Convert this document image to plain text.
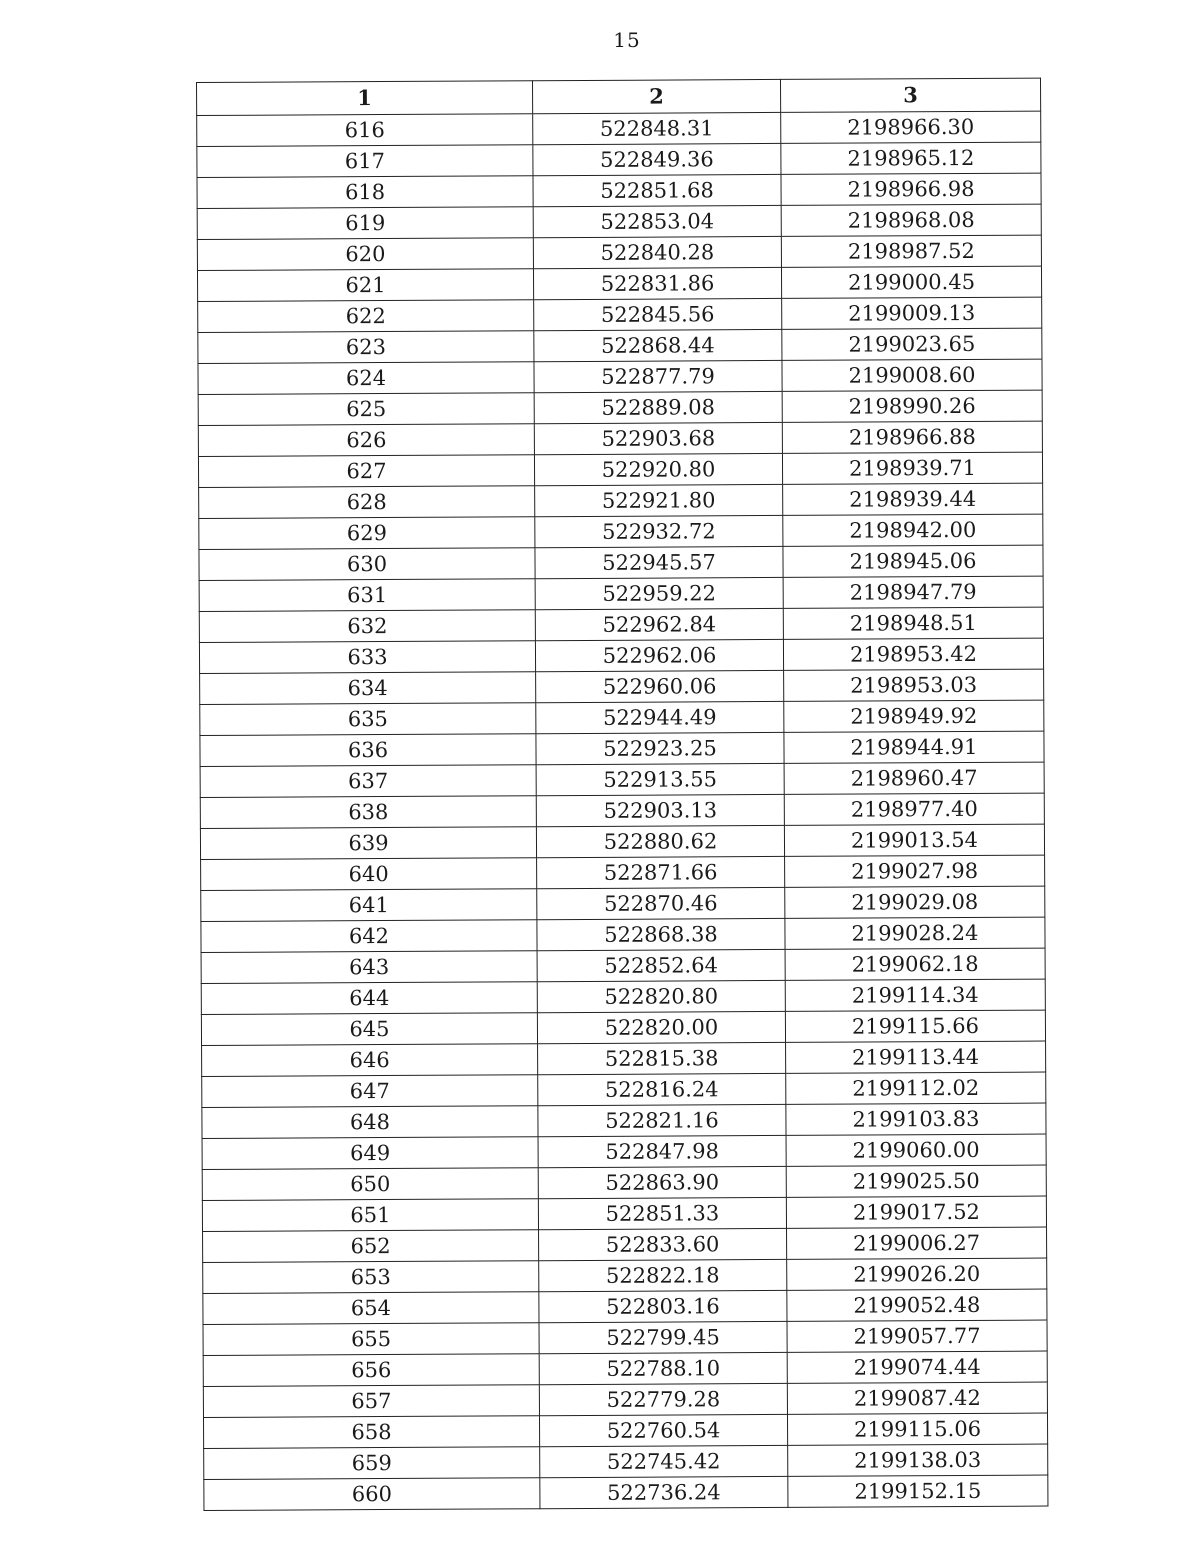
15
1	2	3
616	522848.31	2198966.30
617	522849.36	2198965.12
618	522851.68	2198966.98
619	522853.04	2198968.08
620	522840.28	2198987.52
621	522831.86	2199000.45
622	522845.56	2199009.13
623	522868.44	2199023.65
624	522877.79	2199008.60
625	522889.08	2198990.26
626	522903.68	2198966.88
627	522920.80	2198939.71
628	522921.80	2198939.44
629	522932.72	2198942.00
630	522945.57	2198945.06
631	522959.22	2198947.79
632	522962.84	2198948.51
633	522962.06	2198953.42
634	522960.06	2198953.03
635	522944.49	2198949.92
636	522923.25	2198944.91
637	522913.55	2198960.47
638	522903.13	2198977.40
639	522880.62	2199013.54
640	522871.66	2199027.98
641	522870.46	2199029.08
642	522868.38	2199028.24
643	522852.64	2199062.18
644	522820.80	2199114.34
645	522820.00	2199115.66
646	522815.38	2199113.44
647	522816.24	2199112.02
648	522821.16	2199103.83
649	522847.98	2199060.00
650	522863.90	2199025.50
651	522851.33	2199017.52
652	522833.60	2199006.27
653	522822.18	2199026.20
654	522803.16	2199052.48
655	522799.45	2199057.77
656	522788.10	2199074.44
657	522779.28	2199087.42
658	522760.54	2199115.06
659	522745.42	2199138.03
660	522736.24	2199152.15
